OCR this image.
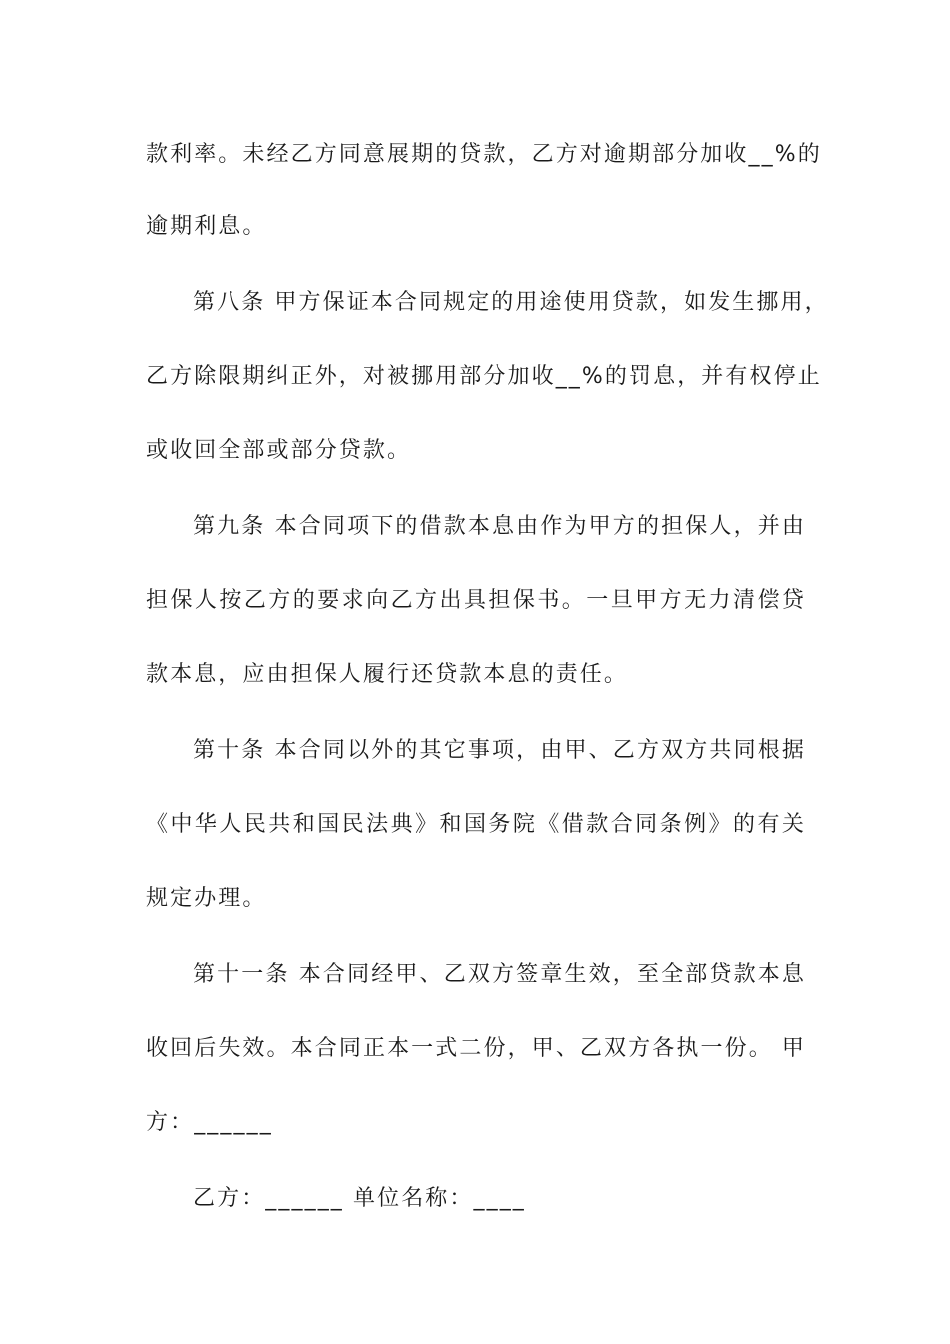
款利率。未经乙方同意展期的贷款，乙方对逾期部分加收__%的
逾期利息。
第八条 甲方保证本合同规定的用途使用贷款，如发生挪用，
乙方除限期纠正外，对被挪用部分加收__%的罚息，并有权停止
或收回全部或部分贷款。
第九条 本合同项下的借款本息由作为甲方的担保人，并由
担保人按乙方的要求向乙方出具担保书。一旦甲方无力清偿贷
款本息，应由担保人履行还贷款本息的责任。
第十条 本合同以外的其它事项，由甲、乙方双方共同根据
《中华人民共和国民法典》和国务院《借款合同条例》的有关
规定办理。
第十一条 本合同经甲、乙双方签章生效，至全部贷款本息
收回后失效。本合同正本一式二份，甲、乙双方各执一份。 甲
方：______
乙方：______ 单位名称：____
